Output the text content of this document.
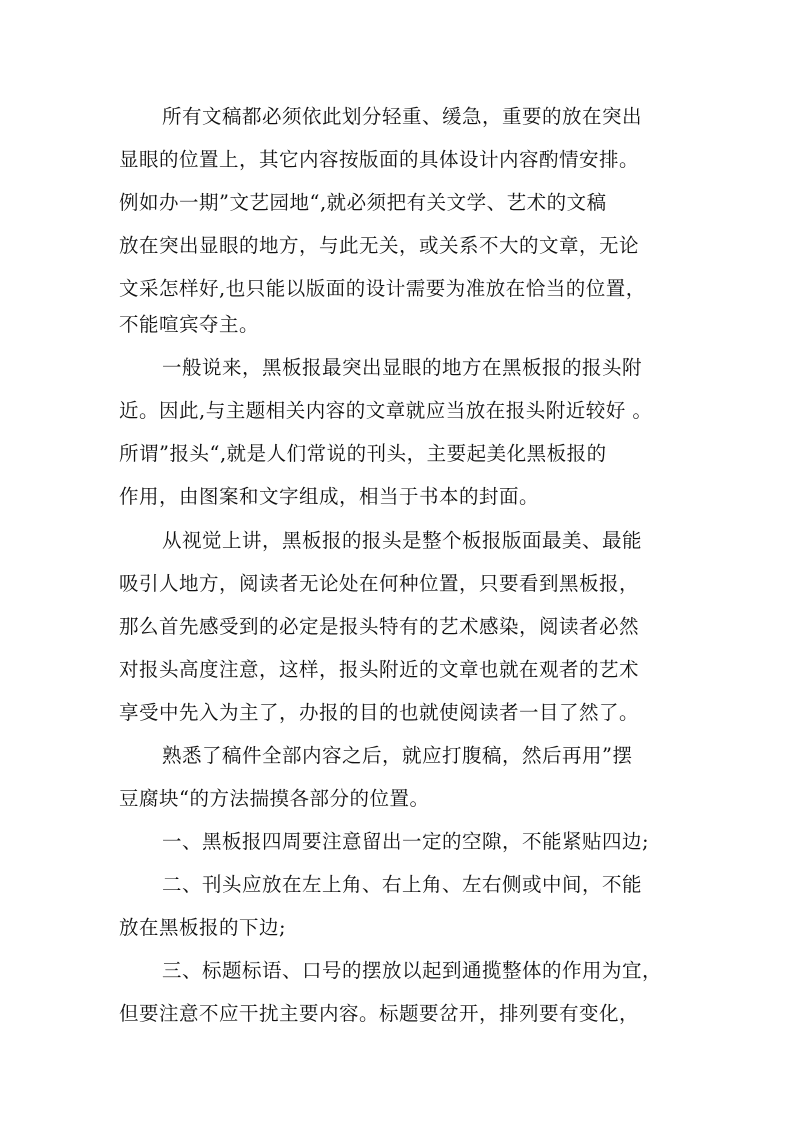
所有文稿都必须依此划分轻重、缓急，重要的放在突出
显眼的位置上，其它内容按版面的具体设计内容酌情安排。
例如办一期”文艺园地“,就必须把有关文学、艺术的文稿
放在突出显眼的地方，与此无关，或关系不大的文章，无论
文采怎样好,也只能以版面的设计需要为准放在恰当的位置，
不能喧宾夺主。
一般说来，黑板报最突出显眼的地方在黑板报的报头附
近。因此,与主题相关内容的文章就应当放在报头附近较好 。
所谓”报头“,就是人们常说的刊头，主要起美化黑板报的
作用，由图案和文字组成，相当于书本的封面。
从视觉上讲，黑板报的报头是整个板报版面最美、最能
吸引人地方，阅读者无论处在何种位置，只要看到黑板报，
那么首先感受到的必定是报头特有的艺术感染，阅读者必然
对报头高度注意，这样，报头附近的文章也就在观者的艺术
享受中先入为主了，办报的目的也就使阅读者一目了然了。
熟悉了稿件全部内容之后，就应打腹稿，然后再用”摆
豆腐块“的方法揣摸各部分的位置。
一、黑板报四周要注意留出一定的空隙，不能紧贴四边;
二、刊头应放在左上角、右上角、左右侧或中间，不能
放在黑板报的下边;
三、标题标语、口号的摆放以起到通揽整体的作用为宜，
但要注意不应干扰主要内容。标题要岔开，排列要有变化，
